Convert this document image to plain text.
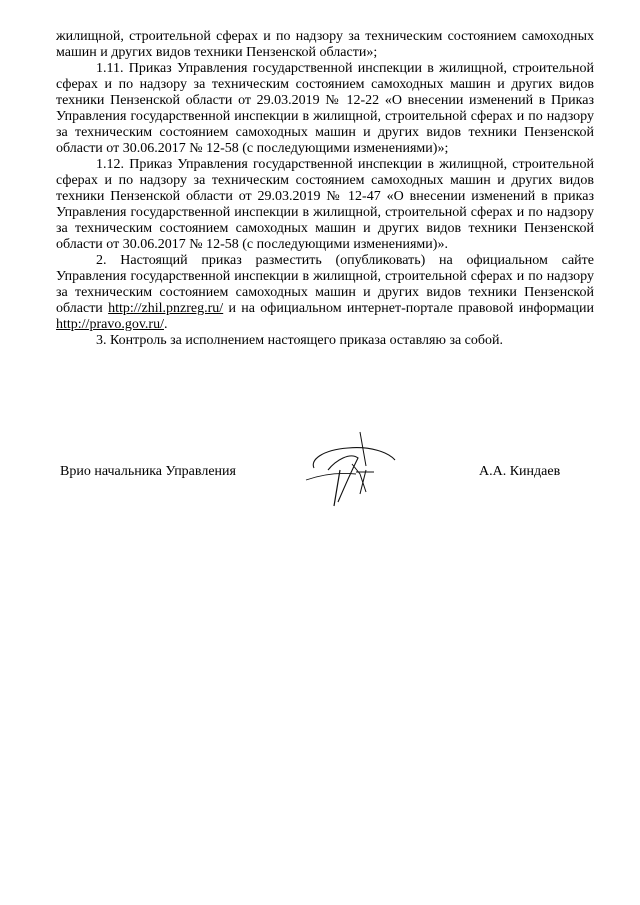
жилищной, строительной сферах и по надзору за техническим состоянием самоходных машин и других видов техники Пензенской области»;

1.11. Приказ Управления государственной инспекции в жилищной, строительной сферах и по надзору за техническим состоянием самоходных машин и других видов техники Пензенской области от 29.03.2019 № 12-22 «О внесении изменений в Приказ Управления государственной инспекции в жилищной, строительной сферах и по надзору за техническим состоянием самоходных машин и других видов техники Пензенской области от 30.06.2017 № 12-58 (с последующими изменениями)»;

1.12. Приказ Управления государственной инспекции в жилищной, строительной сферах и по надзору за техническим состоянием самоходных машин и других видов техники Пензенской области от 29.03.2019 № 12-47 «О внесении изменений в приказ Управления государственной инспекции в жилищной, строительной сферах и по надзору за техническим состоянием самоходных машин и других видов техники Пензенской области от 30.06.2017 № 12-58 (с последующими изменениями)».

2. Настоящий приказ разместить (опубликовать) на официальном сайте Управления государственной инспекции в жилищной, строительной сферах и по надзору за техническим состоянием самоходных машин и других видов техники Пензенской области http://zhil.pnzreg.ru/ и на официальном интернет-портале правовой информации http://pravo.gov.ru/.

3. Контроль за исполнением настоящего приказа оставляю за собой.

Врио начальника Управления	А.А. Киндаев
